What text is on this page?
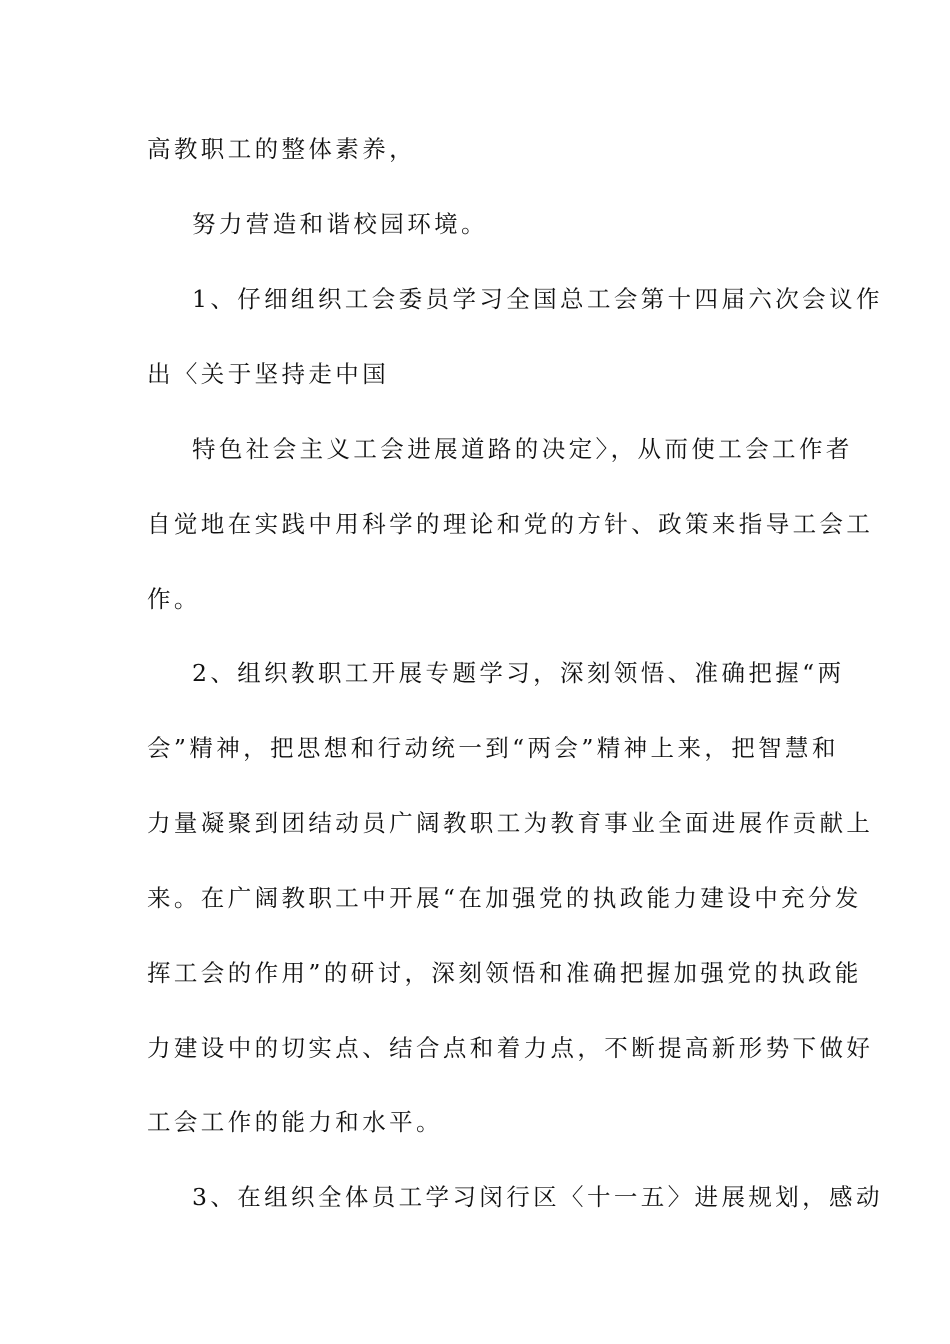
高教职工的整体素养，
努力营造和谐校园环境。
1、仔细组织工会委员学习全国总工会第十四届六次会议作
出〈关于坚持走中国
特色社会主义工会进展道路的决定〉，从而使工会工作者
自觉地在实践中用科学的理论和党的方针、政策来指导工会工
作。
2、组织教职工开展专题学习，深刻领悟、准确把握“两
会”精神，把思想和行动统一到“两会”精神上来，把智慧和
力量凝聚到团结动员广阔教职工为教育事业全面进展作贡献上
来。在广阔教职工中开展“在加强党的执政能力建设中充分发
挥工会的作用”的研讨，深刻领悟和准确把握加强党的执政能
力建设中的切实点、结合点和着力点，不断提高新形势下做好
工会工作的能力和水平。
3、在组织全体员工学习闵行区〈十一五〉进展规划，感动
